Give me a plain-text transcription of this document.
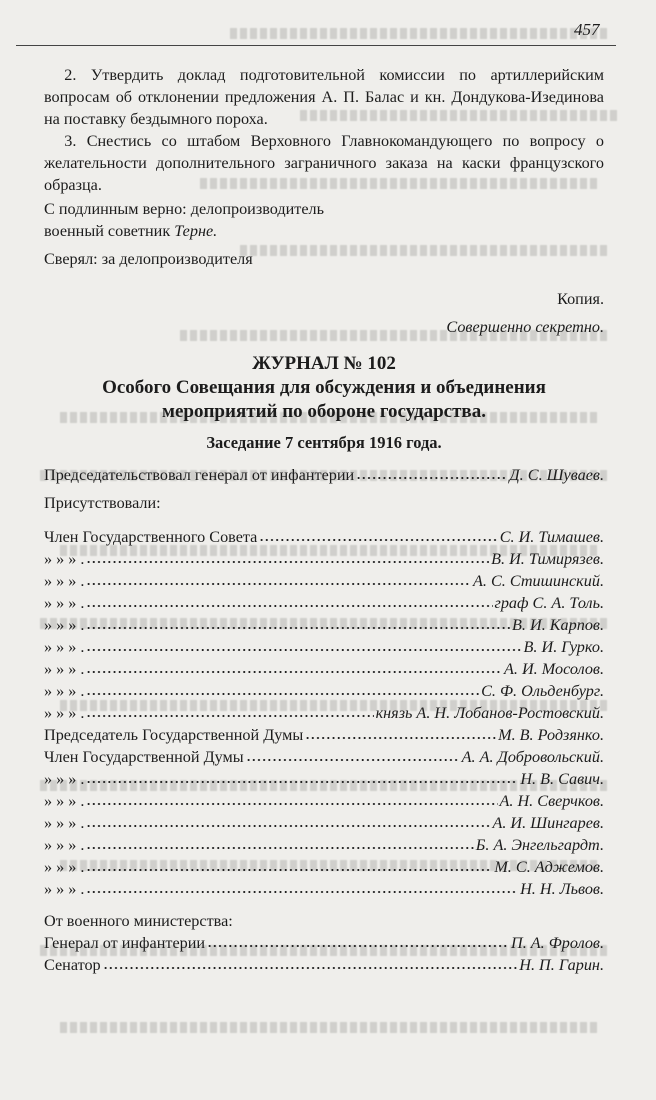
457

2. Утвердить доклад подготовительной комиссии по артиллерийским вопросам об отклонении предложения А. П. Балас и кн. Дондукова-Изединова на поставку бездымного пороха.

3. Снестись со штабом Верховного Главнокомандующего по вопросу о желательности дополнительного заграничного заказа на каски французского образца.

С подлинным верно: делопроизводитель
военный советник Терне.
Сверял: за делопроизводителя
Копия.
Совершенно секретно.
ЖУРНАЛ № 102
Особого Совещания для обсуждения и объединения
мероприятий по обороне государства.
Заседание 7 сентября 1916 года.
Председательствовал генерал от инфантерии	Д. С. Шуваев.
Присутствовали:
Член Государственного Совета	С. И. Тимашев.
» » » .	В. И. Тимирязев.
» » » .	А. С. Стишинский.
» » » .	граф С. А. Толь.
» » » .	В. И. Карпов.
» » » .	В. И. Гурко.
» » » .	А. И. Мосолов.
» » » .	С. Ф. Ольденбург.
» » » .	князь А. Н. Лобанов-Ростовский.
Председатель Государственной Думы	М. В. Родзянко.
Член Государственной Думы	А. А. Добровольский.
» » » .	Н. В. Савич.
» » » .	А. Н. Сверчков.
» » » .	А. И. Шингарев.
» » » .	Б. А. Энгельгардт.
» » » .	М. С. Аджемов.
» » » .	Н. Н. Львов.
От военного министерства:
Генерал от инфантерии	П. А. Фролов.
Сенатор	Н. П. Гарин.
